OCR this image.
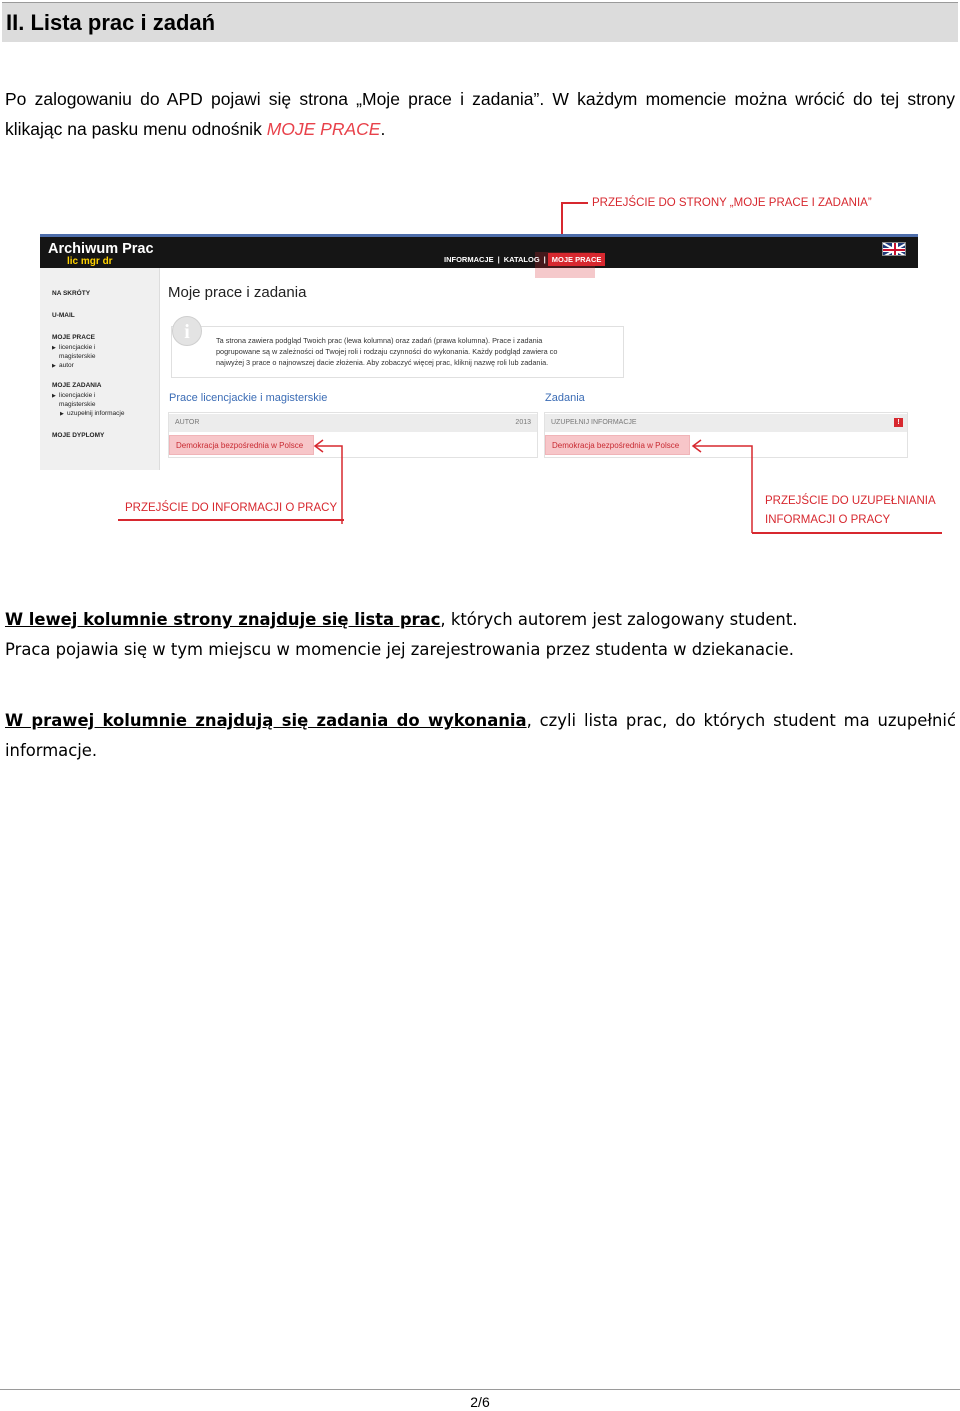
II. Lista prac i zadań
Po zalogowaniu do APD pojawi się strona „Moje prace i zadania”. W każdym momencie można wrócić do tej strony klikając na pasku menu odnośnik MOJE PRACE.
PRZEJŚCIE DO STRONY „MOJE PRACE I ZADANIA”
Archiwum Prac
lic mgr dr	INFORMACJE | KATALOG | MOJE PRACE
NA SKRÓTY
U-MAIL
MOJE PRACE
▶ licencjackie i
magisterskie
▶ autor
MOJE ZADANIA
▶ licencjackie i
magisterskie
▶ uzupełnij informacje
MOJE DYPLOMY
Moje prace i zadania
i	Ta strona zawiera podgląd Twoich prac (lewa kolumna) oraz zadań (prawa kolumna). Prace i zadania
pogrupowane są w zależności od Twojej roli i rodzaju czynności do wykonania. Każdy podgląd zawiera co
najwyżej 3 prace o najnowszej dacie złożenia. Aby zobaczyć więcej prac, kliknij nazwę roli lub zadania.
Prace licencjackie i magisterskie
AUTOR	2013
Demokracja bezpośrednia w Polsce
Zadania
UZUPEŁNIJ INFORMACJE	!
Demokracja bezpośrednia w Polsce
PRZEJŚCIE DO INFORMACJI O PRACY
PRZEJŚCIE DO UZUPEŁNIANIA
INFORMACJI O PRACY
W lewej kolumnie strony znajduje się lista prac, których autorem jest zalogowany student.
Praca pojawia się w tym miejscu w momencie jej zarejestrowania przez studenta w dziekanacie.
W prawej kolumnie znajdują się zadania do wykonania, czyli lista prac, do których student ma uzupełnić informacje.
2/6
